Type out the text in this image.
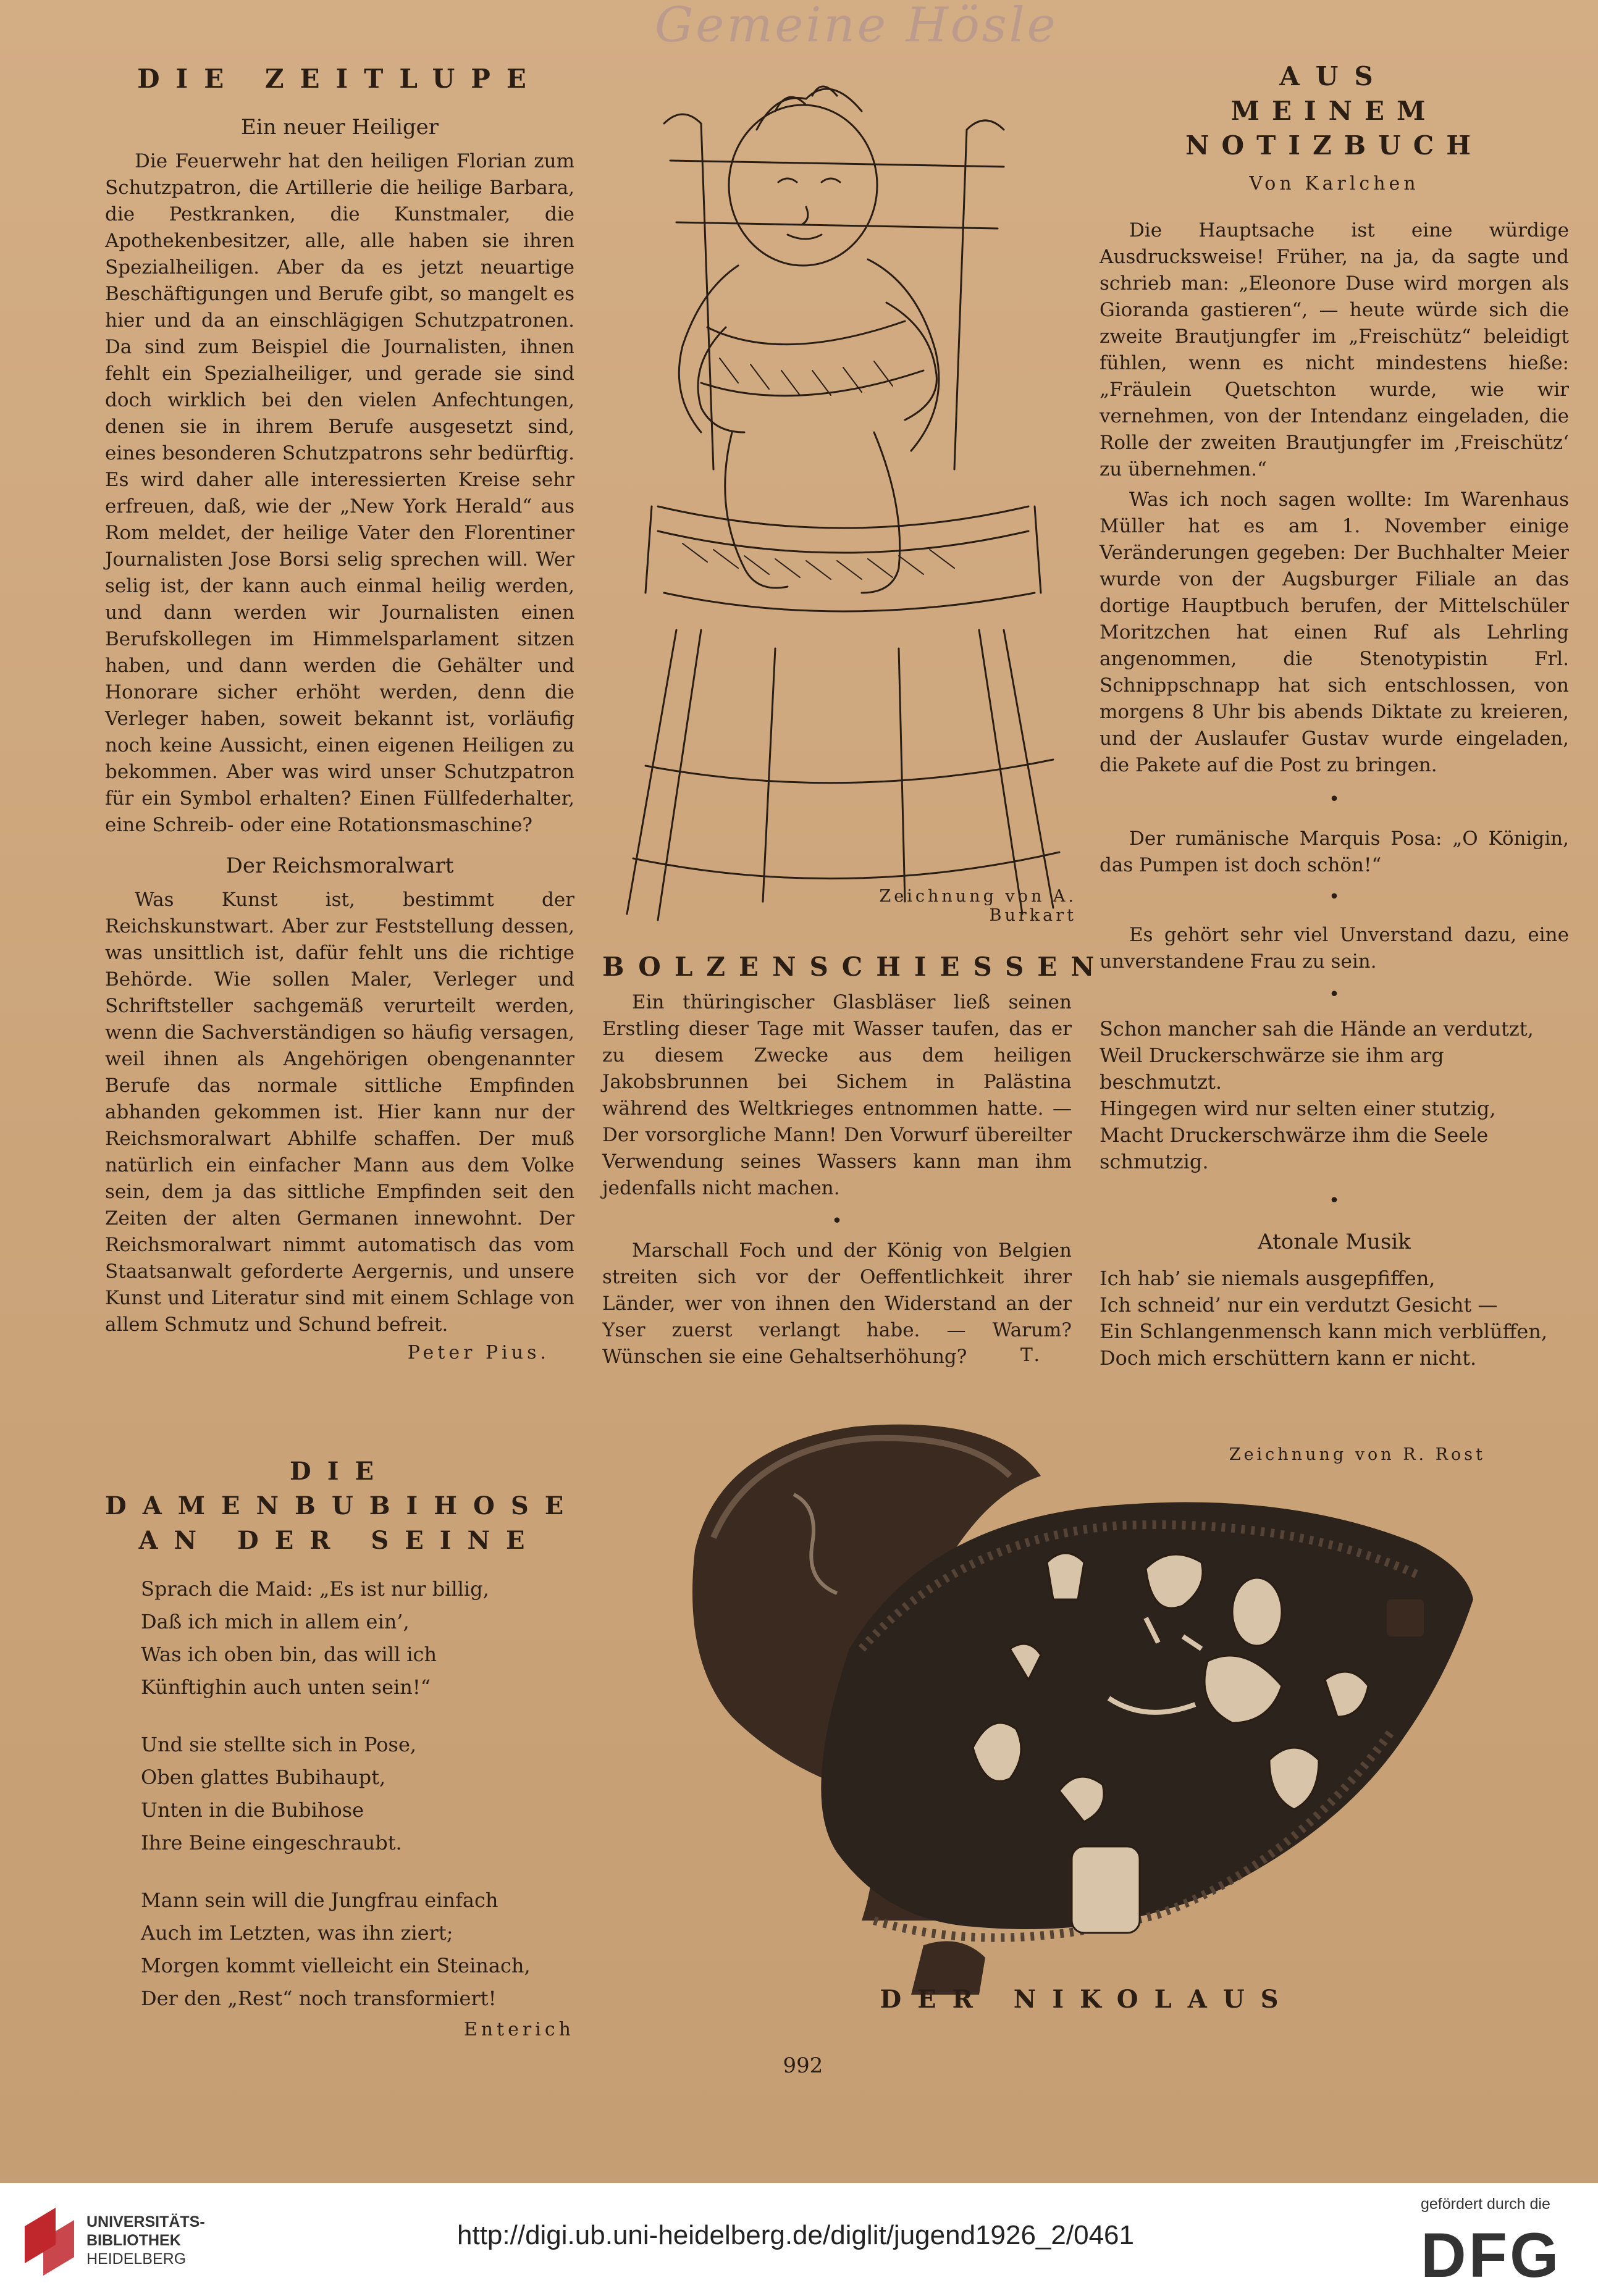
Gemeine Hösle
DIE ZEITLUPE
Ein neuer Heiliger

Die Feuerwehr hat den heiligen Florian zum Schutzpatron, die Artillerie die heilige Barbara, die Pestkranken, die Kunstmaler, die Apothekenbesitzer, alle, alle haben sie ihren Spezialheiligen. Aber da es jetzt neuartige Beschäftigungen und Berufe gibt, so mangelt es hier und da an einschlägigen Schutzpatronen. Da sind zum Beispiel die Journalisten, ihnen fehlt ein Spezialheiliger, und gerade sie sind doch wirklich bei den vielen Anfechtungen, denen sie in ihrem Berufe ausgesetzt sind, eines besonderen Schutzpatrons sehr bedürftig. Es wird daher alle interessierten Kreise sehr erfreuen, daß, wie der „New York Herald“ aus Rom meldet, der heilige Vater den Florentiner Journalisten Jose Borsi selig sprechen will. Wer selig ist, der kann auch einmal heilig werden, und dann werden wir Journalisten einen Berufskollegen im Himmelsparlament sitzen haben, und dann werden die Gehälter und Honorare sicher erhöht werden, denn die Verleger haben, soweit bekannt ist, vorläufig noch keine Aussicht, einen eigenen Heiligen zu bekommen. Aber was wird unser Schutzpatron für ein Symbol erhalten? Einen Füllfederhalter, eine Schreib- oder eine Rotationsmaschine?

Der Reichsmoralwart

Was Kunst ist, bestimmt der Reichskunstwart. Aber zur Feststellung dessen, was unsittlich ist, dafür fehlt uns die richtige Behörde. Wie sollen Maler, Verleger und Schriftsteller sachgemäß verurteilt werden, wenn die Sachverständigen so häufig versagen, weil ihnen als Angehörigen obengenannter Berufe das normale sittliche Empfinden abhanden gekommen ist. Hier kann nur der Reichsmoralwart Abhilfe schaffen. Der muß natürlich ein einfacher Mann aus dem Volke sein, dem ja das sittliche Empfinden seit den Zeiten der alten Germanen innewohnt. Der Reichsmoralwart nimmt automatisch das vom Staatsanwalt geforderte Aergernis, und unsere Kunst und Literatur sind mit einem Schlage von allem Schmutz und Schund befreit.

Peter Pius.
DIE DAMENBUBIHOSE
AN DER SEINE

Sprach die Maid: „Es ist nur billig,

Daß ich mich in allem ein’,

Was ich oben bin, das will ich

Künftighin auch unten sein!“

Und sie stellte sich in Pose,

Oben glattes Bubihaupt,

Unten in die Bubihose

Ihre Beine eingeschraubt.

Mann sein will die Jungfrau einfach

Auch im Letzten, was ihn ziert;

Morgen kommt vielleicht ein Steinach,

Der den „Rest“ noch transformiert!

Enterich
Zeichnung von A. Burkart
BOLZENSCHIESSEN

Ein thüringischer Glasbläser ließ seinen Erstling dieser Tage mit Wasser taufen, das er zu diesem Zwecke aus dem heiligen Jakobsbrunnen bei Sichem in Palästina während des Weltkrieges entnommen hatte. — Der vorsorgliche Mann! Den Vorwurf übereilter Verwendung seines Wassers kann man ihm jedenfalls nicht machen.

•

Marschall Foch und der König von Belgien streiten sich vor der Oeffentlichkeit ihrer Länder, wer von ihnen den Widerstand an der Yser zuerst verlangt habe. — Warum? Wünschen sie eine Gehaltserhöhung?	T.
AUS
MEINEM NOTIZBUCH
Von Karlchen

Die Hauptsache ist eine würdige Ausdrucksweise! Früher, na ja, da sagte und schrieb man: „Eleonore Duse wird morgen als Gioranda gastieren“, — heute würde sich die zweite Brautjungfer im „Freischütz“ beleidigt fühlen, wenn es nicht mindestens hieße: „Fräulein Quetschton wurde, wie wir vernehmen, von der Intendanz eingeladen, die Rolle der zweiten Brautjungfer im ‚Freischütz‘ zu übernehmen.“

Was ich noch sagen wollte: Im Warenhaus Müller hat es am 1. November einige Veränderungen gegeben: Der Buchhalter Meier wurde von der Augsburger Filiale an das dortige Hauptbuch berufen, der Mittelschüler Moritzchen hat einen Ruf als Lehrling angenommen, die Stenotypistin Frl. Schnippschnapp hat sich entschlossen, von morgens 8 Uhr bis abends Diktate zu kreieren, und der Auslaufer Gustav wurde eingeladen, die Pakete auf die Post zu bringen.

•

Der rumänische Marquis Posa: „O Königin, das Pumpen ist doch schön!“

•

Es gehört sehr viel Unverstand dazu, eine unverstandene Frau zu sein.

•

Schon mancher sah die Hände an verdutzt,

Weil Druckerschwärze sie ihm arg beschmutzt.

Hingegen wird nur selten einer stutzig,

Macht Druckerschwärze ihm die Seele schmutzig.

•
Atonale Musik

Ich hab’ sie niemals ausgepfiffen,

Ich schneid’ nur ein verdutzt Gesicht —

Ein Schlangenmensch kann mich verblüffen,

Doch mich erschüttern kann er nicht.

Zeichnung von R. Rost
DER NIKOLAUS
992
UNIVERSITÄTS-
BIBLIOTHEK
HEIDELBERG
http://digi.ub.uni-heidelberg.de/diglit/jugend1926_2/0461
gefördert durch die
DFG
